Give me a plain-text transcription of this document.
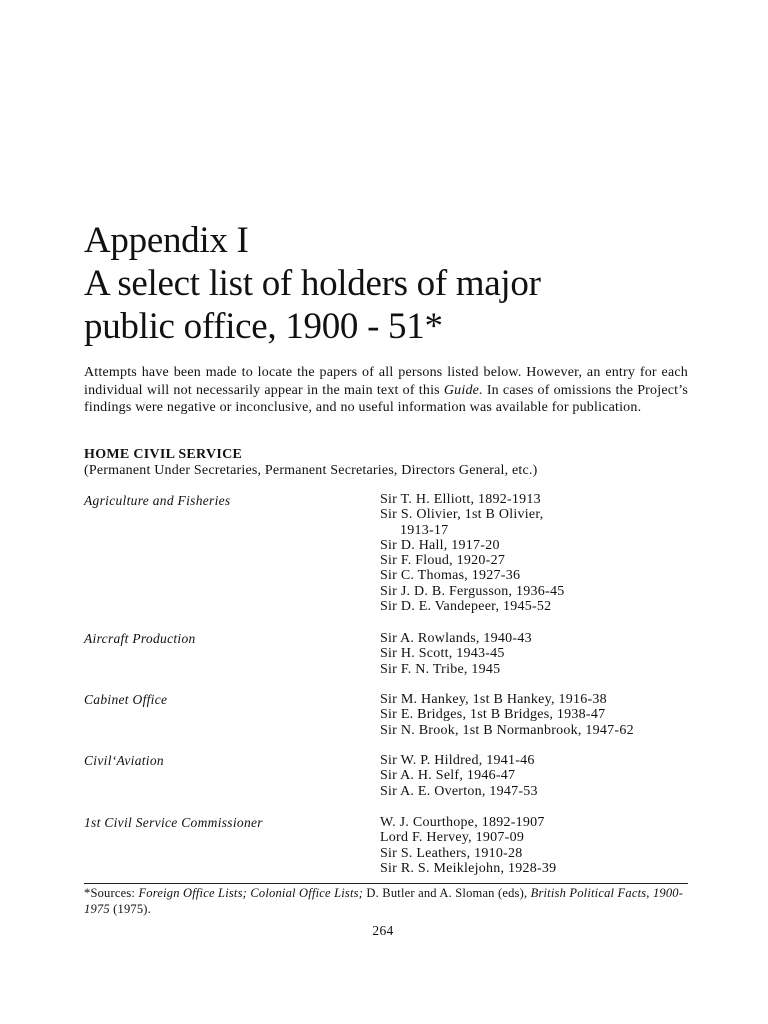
Appendix I
A select list of holders of major
public office, 1900 - 51*
Attempts have been made to locate the papers of all persons listed below. However, an entry for each individual will not necessarily appear in the main text of this Guide. In cases of omissions the Project’s findings were negative or inconclusive, and no useful information was available for publication.
HOME CIVIL SERVICE
(Permanent Under Secretaries, Permanent Secretaries, Directors General, etc.)
Agriculture and Fisheries	Sir T. H. Elliott, 1892-1913
Sir S. Olivier, 1st B Olivier,
1913-17
Sir D. Hall, 1917-20
Sir F. Floud, 1920-27
Sir C. Thomas, 1927-36
Sir J. D. B. Fergusson, 1936-45
Sir D. E. Vandepeer, 1945-52
Aircraft Production	Sir A. Rowlands, 1940-43
Sir H. Scott, 1943-45
Sir F. N. Tribe, 1945
Cabinet Office	Sir M. Hankey, 1st B Hankey, 1916-38
Sir E. Bridges, 1st B Bridges, 1938-47
Sir N. Brook, 1st B Normanbrook, 1947-62
Civil‘Aviation	Sir W. P. Hildred, 1941-46
Sir A. H. Self, 1946-47
Sir A. E. Overton, 1947-53
1st Civil Service Commissioner	W. J. Courthope, 1892-1907
Lord F. Hervey, 1907-09
Sir S. Leathers, 1910-28
Sir R. S. Meiklejohn, 1928-39
*Sources: Foreign Office Lists; Colonial Office Lists; D. Butler and A. Sloman (eds), British Political Facts, 1900-1975 (1975).
264
